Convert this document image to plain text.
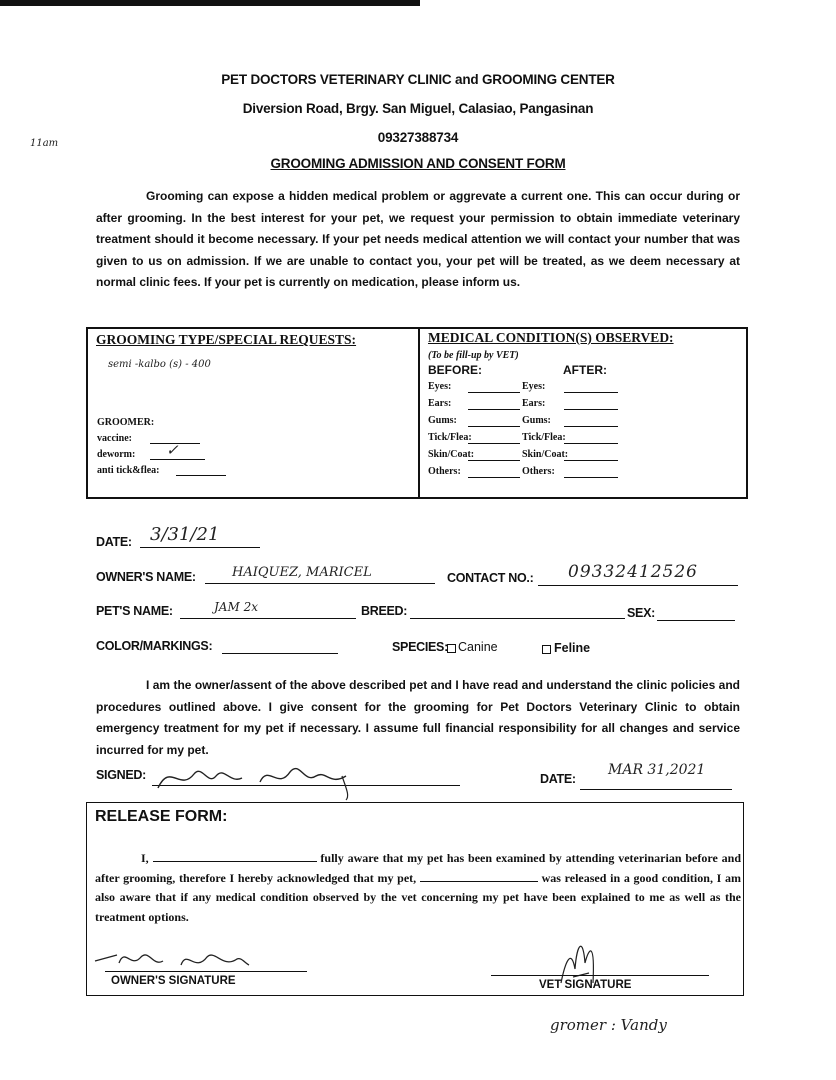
PET DOCTORS VETERINARY CLINIC and GROOMING CENTER
Diversion Road, Brgy. San Miguel, Calasiao, Pangasinan
09327388734
GROOMING ADMISSION AND CONSENT FORM
11am
Grooming can expose a hidden medical problem or aggrevate a current one. This can occur during or after grooming. In the best interest for your pet, we request your permission to obtain immediate veterinary treatment should it become necessary. If your pet needs medical attention we will contact your number that was given to us on admission. If we are unable to contact you, your pet will be treated, as we deem necessary at normal clinic fees. If your pet is currently on medication, please inform us.
GROOMING TYPE/SPECIAL REQUESTS:
semi -kalbo (s) - 400
GROOMER:
vaccine:
deworm: ✓
anti tick&flea:
MEDICAL CONDITION(S) OBSERVED:
(To be fill-up by VET)
BEFORE:	AFTER:
Eyes:	Eyes:
Ears:	Ears:
Gums:	Gums:
Tick/Flea:	Tick/Flea:
Skin/Coat:	Skin/Coat:
Others:	Others:
DATE: 3/31/21
OWNER'S NAME:	HAIQUEZ, MARICEL	CONTACT NO.: 09332412526
PET'S NAME:	JAM 2x	BREED:	SEX:
COLOR/MARKINGS:	SPECIES: Canine	Feline
I am the owner/assent of the above described pet and I have read and understand the clinic policies and procedures outlined above. I give consent for the grooming for Pet Doctors Veterinary Clinic to obtain emergency treatment for my pet if necessary. I assume full financial responsibility for all changes and service incurred for my pet.
SIGNED:	DATE:
MAR 31,2021
RELEASE FORM:
I,	fully aware that my pet has been examined by attending veterinarian before and after grooming, therefore I hereby acknowledged that my pet,	was released in a good condition, I am also aware that if any medical condition observed by the vet concerning my pet have been explained to me as well as the treatment options.
OWNER'S SIGNATURE	VET SIGNATURE
gromer : Vandy
